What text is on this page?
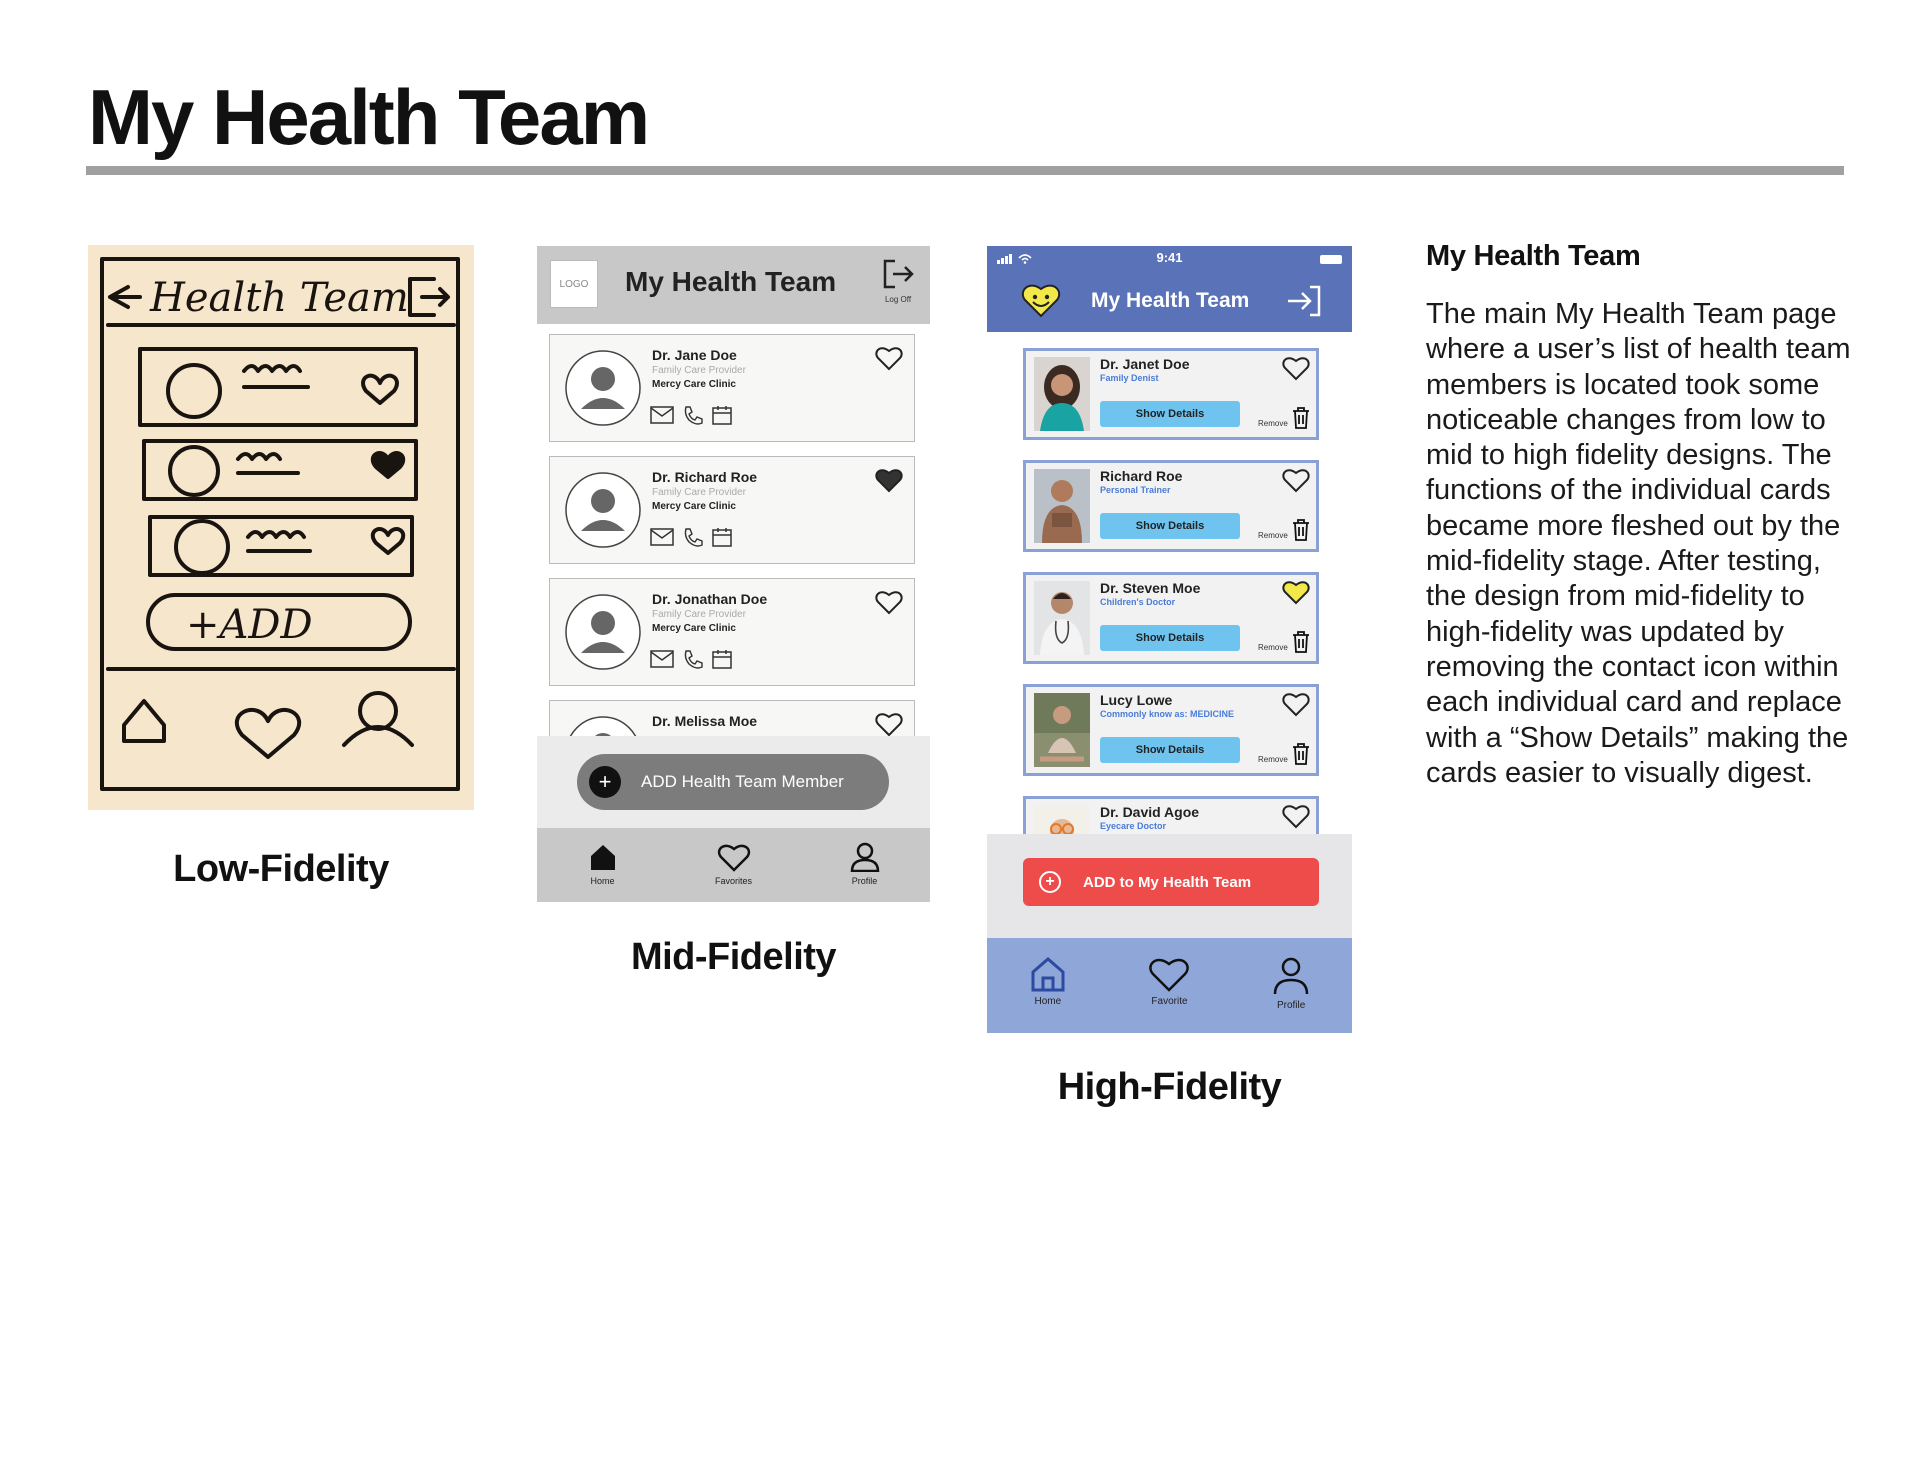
My Health Team
Health Team
+ADD
Low-Fidelity
LOGO	My Health Team
Log Off
Dr. Jane Doe
Family Care Provider
Mercy Care Clinic
Dr. Richard Roe
Family Care Provider
Mercy Care Clinic
Dr. Jonathan Doe
Family Care Provider
Mercy Care Clinic
Dr. Melissa Moe
+	ADD Health Team Member
Home	Favorites	Profile
Mid-Fidelity
9:41
My Health Team
Dr. Janet Doe
Family Denist
Show Details
Remove
Richard Roe
Personal Trainer
Show Details
Remove
Dr. Steven Moe
Children's Doctor
Show Details
Remove
Lucy Lowe
Commonly know as: MEDICINE
Show Details
Remove
Dr. David Agoe
Eyecare Doctor
+	ADD to My Health Team
Home	Favorite	Profile
High-Fidelity
My Health Team
The main My Health Team page where a user’s list of health team members is located took some noticeable changes from low to mid to high fidelity designs. The functions of the individual cards became more fleshed out by the mid-fidelity stage. After testing, the design from mid-fidelity to high-fidelity was updated by removing the contact icon within each individual card and replace with a “Show Details” making the cards easier to visually digest.
